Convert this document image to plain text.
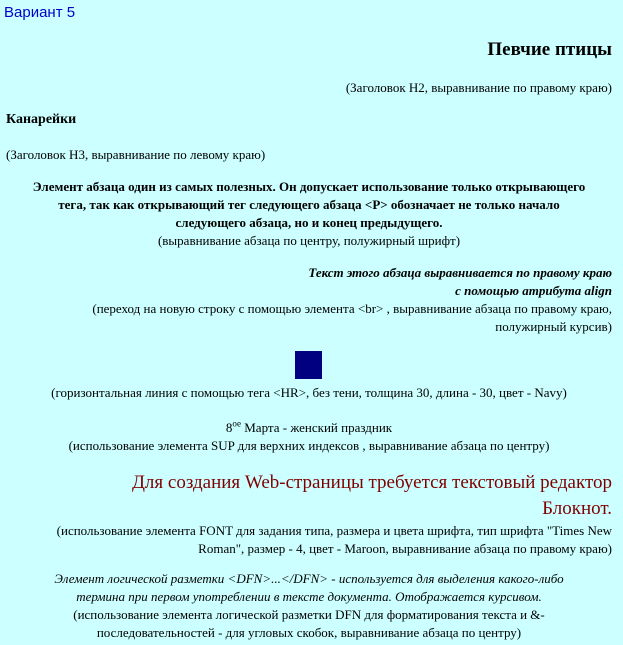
Вариант 5
Певчие птицы
(Заголовок H2, выравнивание по правому краю)
Канарейки
(Заголовок H3, выравнивание по левому краю)
Элемент абзаца один из самых полезных. Он допускает использование только открывающего
тега, так как открывающий тег следующего абзаца <P> обозначает не только начало
следующего абзаца, но и конец предыдущего.
(выравнивание абзаца по центру, полужирный шрифт)
Текст этого абзаца выравнивается по правому краю
с помощью атрибута align
(переход на новую строку с помощью элемента <br> , выравнивание абзаца по правому краю,
полужирный курсив)
(горизонтальная линия с помощью тега <HR>, без тени, толщина 30, длина - 30, цвет - Navy)
$8^{ое}$ Марта - женский праздник
(использование элемента SUP для верхних индексов , выравнивание абзаца по центру)
Для создания Web-страницы требуется текстовый редактор
Блокнот.
(использование элемента FONT для задания типа, размера и цвета шрифта, тип шрифта "Times New
Roman", размер - 4, цвет - Maroon, выравнивание абзаца по правому краю)
Элемент логической разметки <DFN>...</DFN> - используется для выделения какого-либо
термина при первом употреблении в тексте документа. Отображается курсивом.
(использование элемента логической разметки DFN для форматирования текста и &-
последовательностей - для угловых скобок, выравнивание абзаца по центру)
